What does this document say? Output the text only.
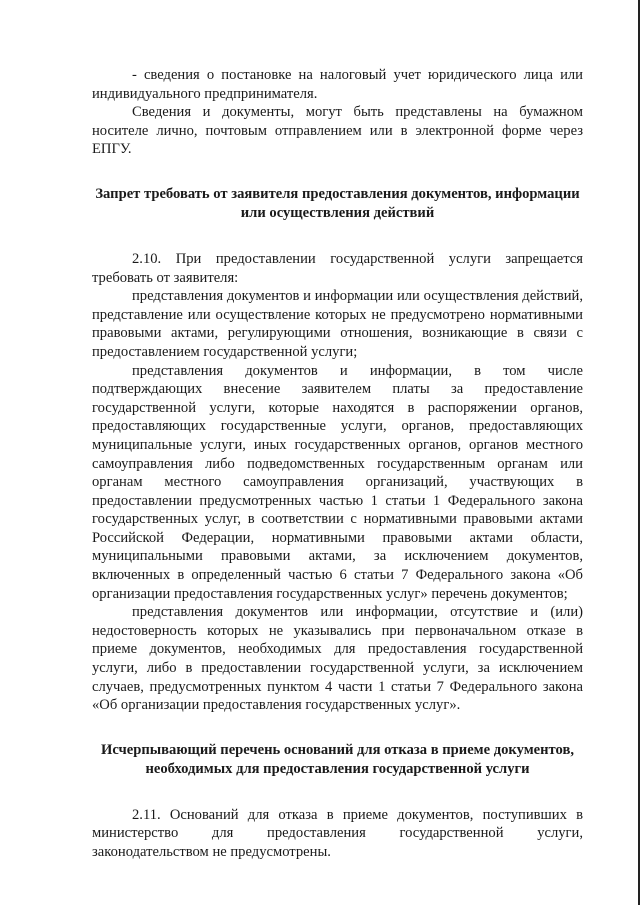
- сведения о постановке на налоговый учет юридического лица или индивидуального предпринимателя.

Сведения и документы, могут быть представлены на бумажном носителе лично, почтовым отправлением или в электронной форме через ЕПГУ.

Запрет требовать от заявителя предоставления документов, информации или осуществления действий

2.10. При предоставлении государственной услуги запрещается требовать от заявителя:

представления документов и информации или осуществления действий, представление или осуществление которых не предусмотрено нормативными правовыми актами, регулирующими отношения, возникающие в связи с предоставлением государственной услуги;

представления документов и информации, в том числе подтверждающих внесение заявителем платы за предоставление государственной услуги, которые находятся в распоряжении органов, предоставляющих государственные услуги, органов, предоставляющих муниципальные услуги, иных государственных органов, органов местного самоуправления либо подведомственных государственным органам или органам местного самоуправления организаций, участвующих в предоставлении предусмотренных частью 1 статьи 1 Федерального закона государственных услуг, в соответствии с нормативными правовыми актами Российской Федерации, нормативными правовыми актами области, муниципальными правовыми актами, за исключением документов, включенных в определенный частью 6 статьи 7 Федерального закона «Об организации предоставления государственных услуг» перечень документов;

представления документов или информации, отсутствие и (или) недостоверность которых не указывались при первоначальном отказе в приеме документов, необходимых для предоставления государственной услуги, либо в предоставлении государственной услуги, за исключением случаев, предусмотренных пунктом 4 части 1 статьи 7 Федерального закона «Об организации предоставления государственных услуг».

Исчерпывающий перечень оснований для отказа в приеме документов, необходимых для предоставления государственной услуги

2.11. Оснований для отказа в приеме документов, поступивших в министерство для предоставления государственной услуги, законодательством не предусмотрены.
